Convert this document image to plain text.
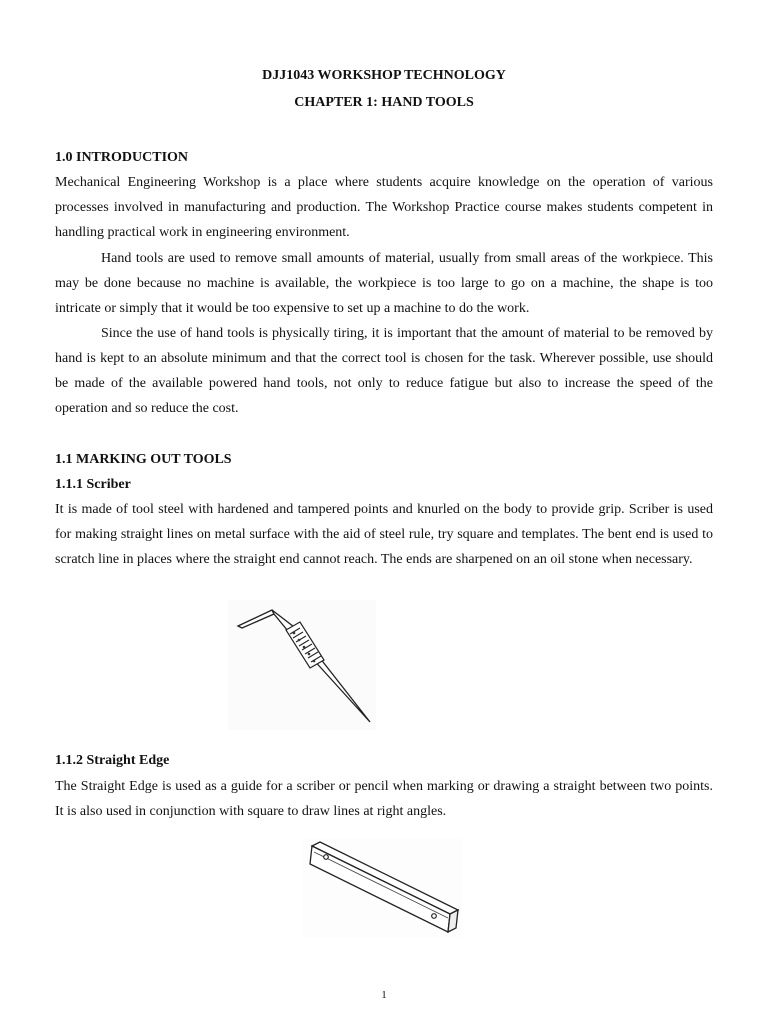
DJJ1043 WORKSHOP TECHNOLOGY
CHAPTER 1: HAND TOOLS
1.0 INTRODUCTION
Mechanical Engineering Workshop is a place where students acquire knowledge on the operation of various processes involved in manufacturing and production. The Workshop Practice course makes students competent in handling practical work in engineering environment.
Hand tools are used to remove small amounts of material, usually from small areas of the workpiece. This may be done because no machine is available, the workpiece is too large to go on a machine, the shape is too intricate or simply that it would be too expensive to set up a machine to do the work.
Since the use of hand tools is physically tiring, it is important that the amount of material to be removed by hand is kept to an absolute minimum and that the correct tool is chosen for the task. Wherever possible, use should be made of the available powered hand tools, not only to reduce fatigue but also to increase the speed of the operation and so reduce the cost.
1.1 MARKING OUT TOOLS
1.1.1 Scriber
It is made of tool steel with hardened and tampered points and knurled on the body to provide grip. Scriber is used for making straight lines on metal surface with the aid of steel rule, try square and templates. The bent end is used to scratch line in places where the straight end cannot reach. The ends are sharpened on an oil stone when necessary.
1.1.2 Straight Edge
The Straight Edge is used as a guide for a scriber or pencil when marking or drawing a straight between two points. It is also used in conjunction with square to draw lines at right angles.
1
